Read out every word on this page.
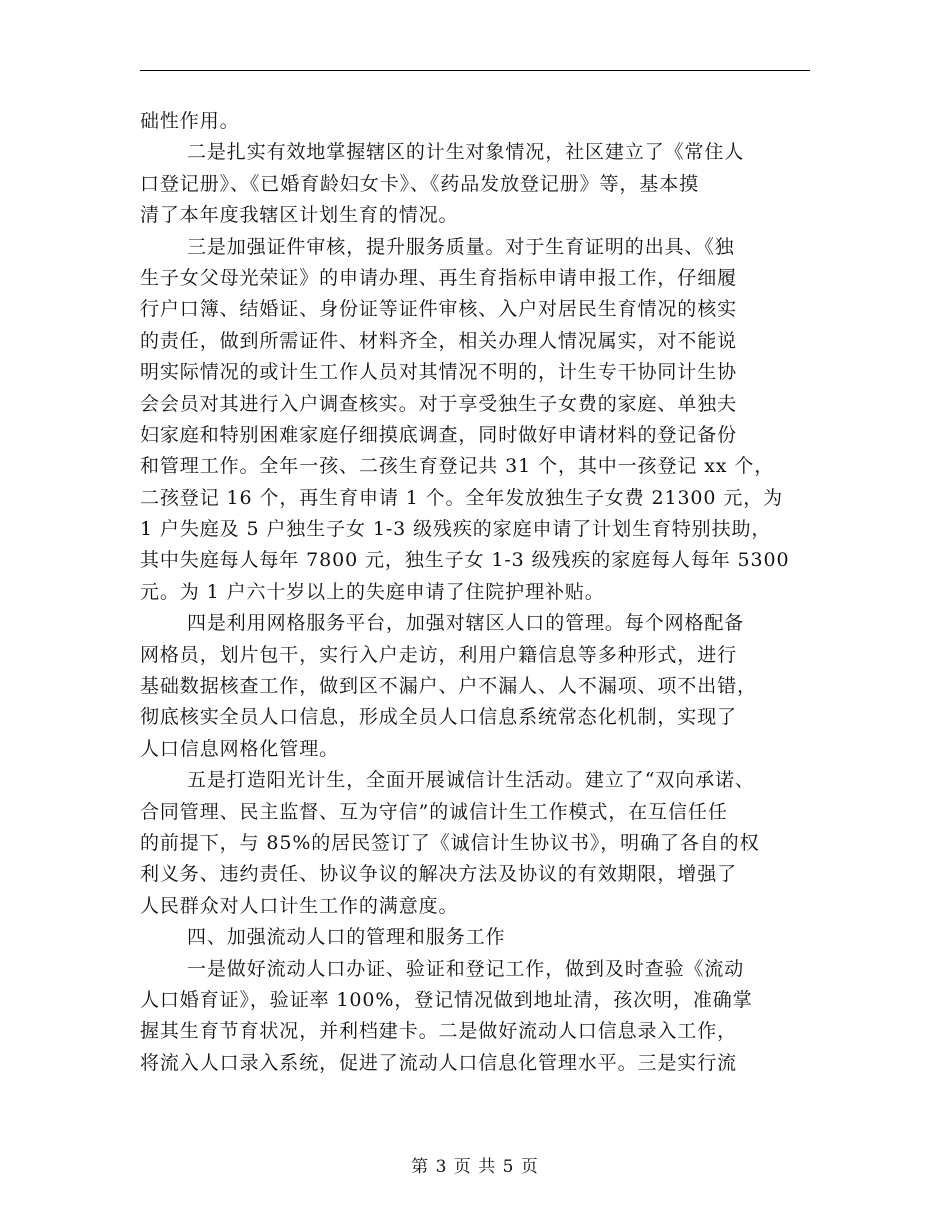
础性作用。
二是扎实有效地掌握辖区的计生对象情况，社区建立了《常住人
口登记册》、《已婚育龄妇女卡》、《药品发放登记册》等，基本摸
清了本年度我辖区计划生育的情况。
三是加强证件审核，提升服务质量。对于生育证明的出具、《独
生子女父母光荣证》的申请办理、再生育指标申请申报工作，仔细履
行户口簿、结婚证、身份证等证件审核、入户对居民生育情况的核实
的责任，做到所需证件、材料齐全，相关办理人情况属实，对不能说
明实际情况的或计生工作人员对其情况不明的，计生专干协同计生协
会会员对其进行入户调查核实。对于享受独生子女费的家庭、单独夫
妇家庭和特别困难家庭仔细摸底调查，同时做好申请材料的登记备份
和管理工作。全年一孩、二孩生育登记共 31 个，其中一孩登记 xx 个，
二孩登记 16 个，再生育申请 1 个。全年发放独生子女费 21300 元，为
1 户失庭及 5 户独生子女 1-3 级残疾的家庭申请了计划生育特别扶助，
其中失庭每人每年 7800 元，独生子女 1-3 级残疾的家庭每人每年 5300
元。为 1 户六十岁以上的失庭申请了住院护理补贴。
四是利用网格服务平台，加强对辖区人口的管理。每个网格配备
网格员，划片包干，实行入户走访，利用户籍信息等多种形式，进行
基础数据核查工作，做到区不漏户、户不漏人、人不漏项、项不出错，
彻底核实全员人口信息，形成全员人口信息系统常态化机制，实现了
人口信息网格化管理。
五是打造阳光计生，全面开展诚信计生活动。建立了“双向承诺、
合同管理、民主监督、互为守信”的诚信计生工作模式，在互信任任
的前提下，与 85%的居民签订了《诚信计生协议书》，明确了各自的权
利义务、违约责任、协议争议的解决方法及协议的有效期限，增强了
人民群众对人口计生工作的满意度。
四、加强流动人口的管理和服务工作
一是做好流动人口办证、验证和登记工作，做到及时查验《流动
人口婚育证》，验证率 100%，登记情况做到地址清，孩次明，准确掌
握其生育节育状况，并利档建卡。二是做好流动人口信息录入工作，
将流入人口录入系统，促进了流动人口信息化管理水平。三是实行流
第 3 页 共 5 页
